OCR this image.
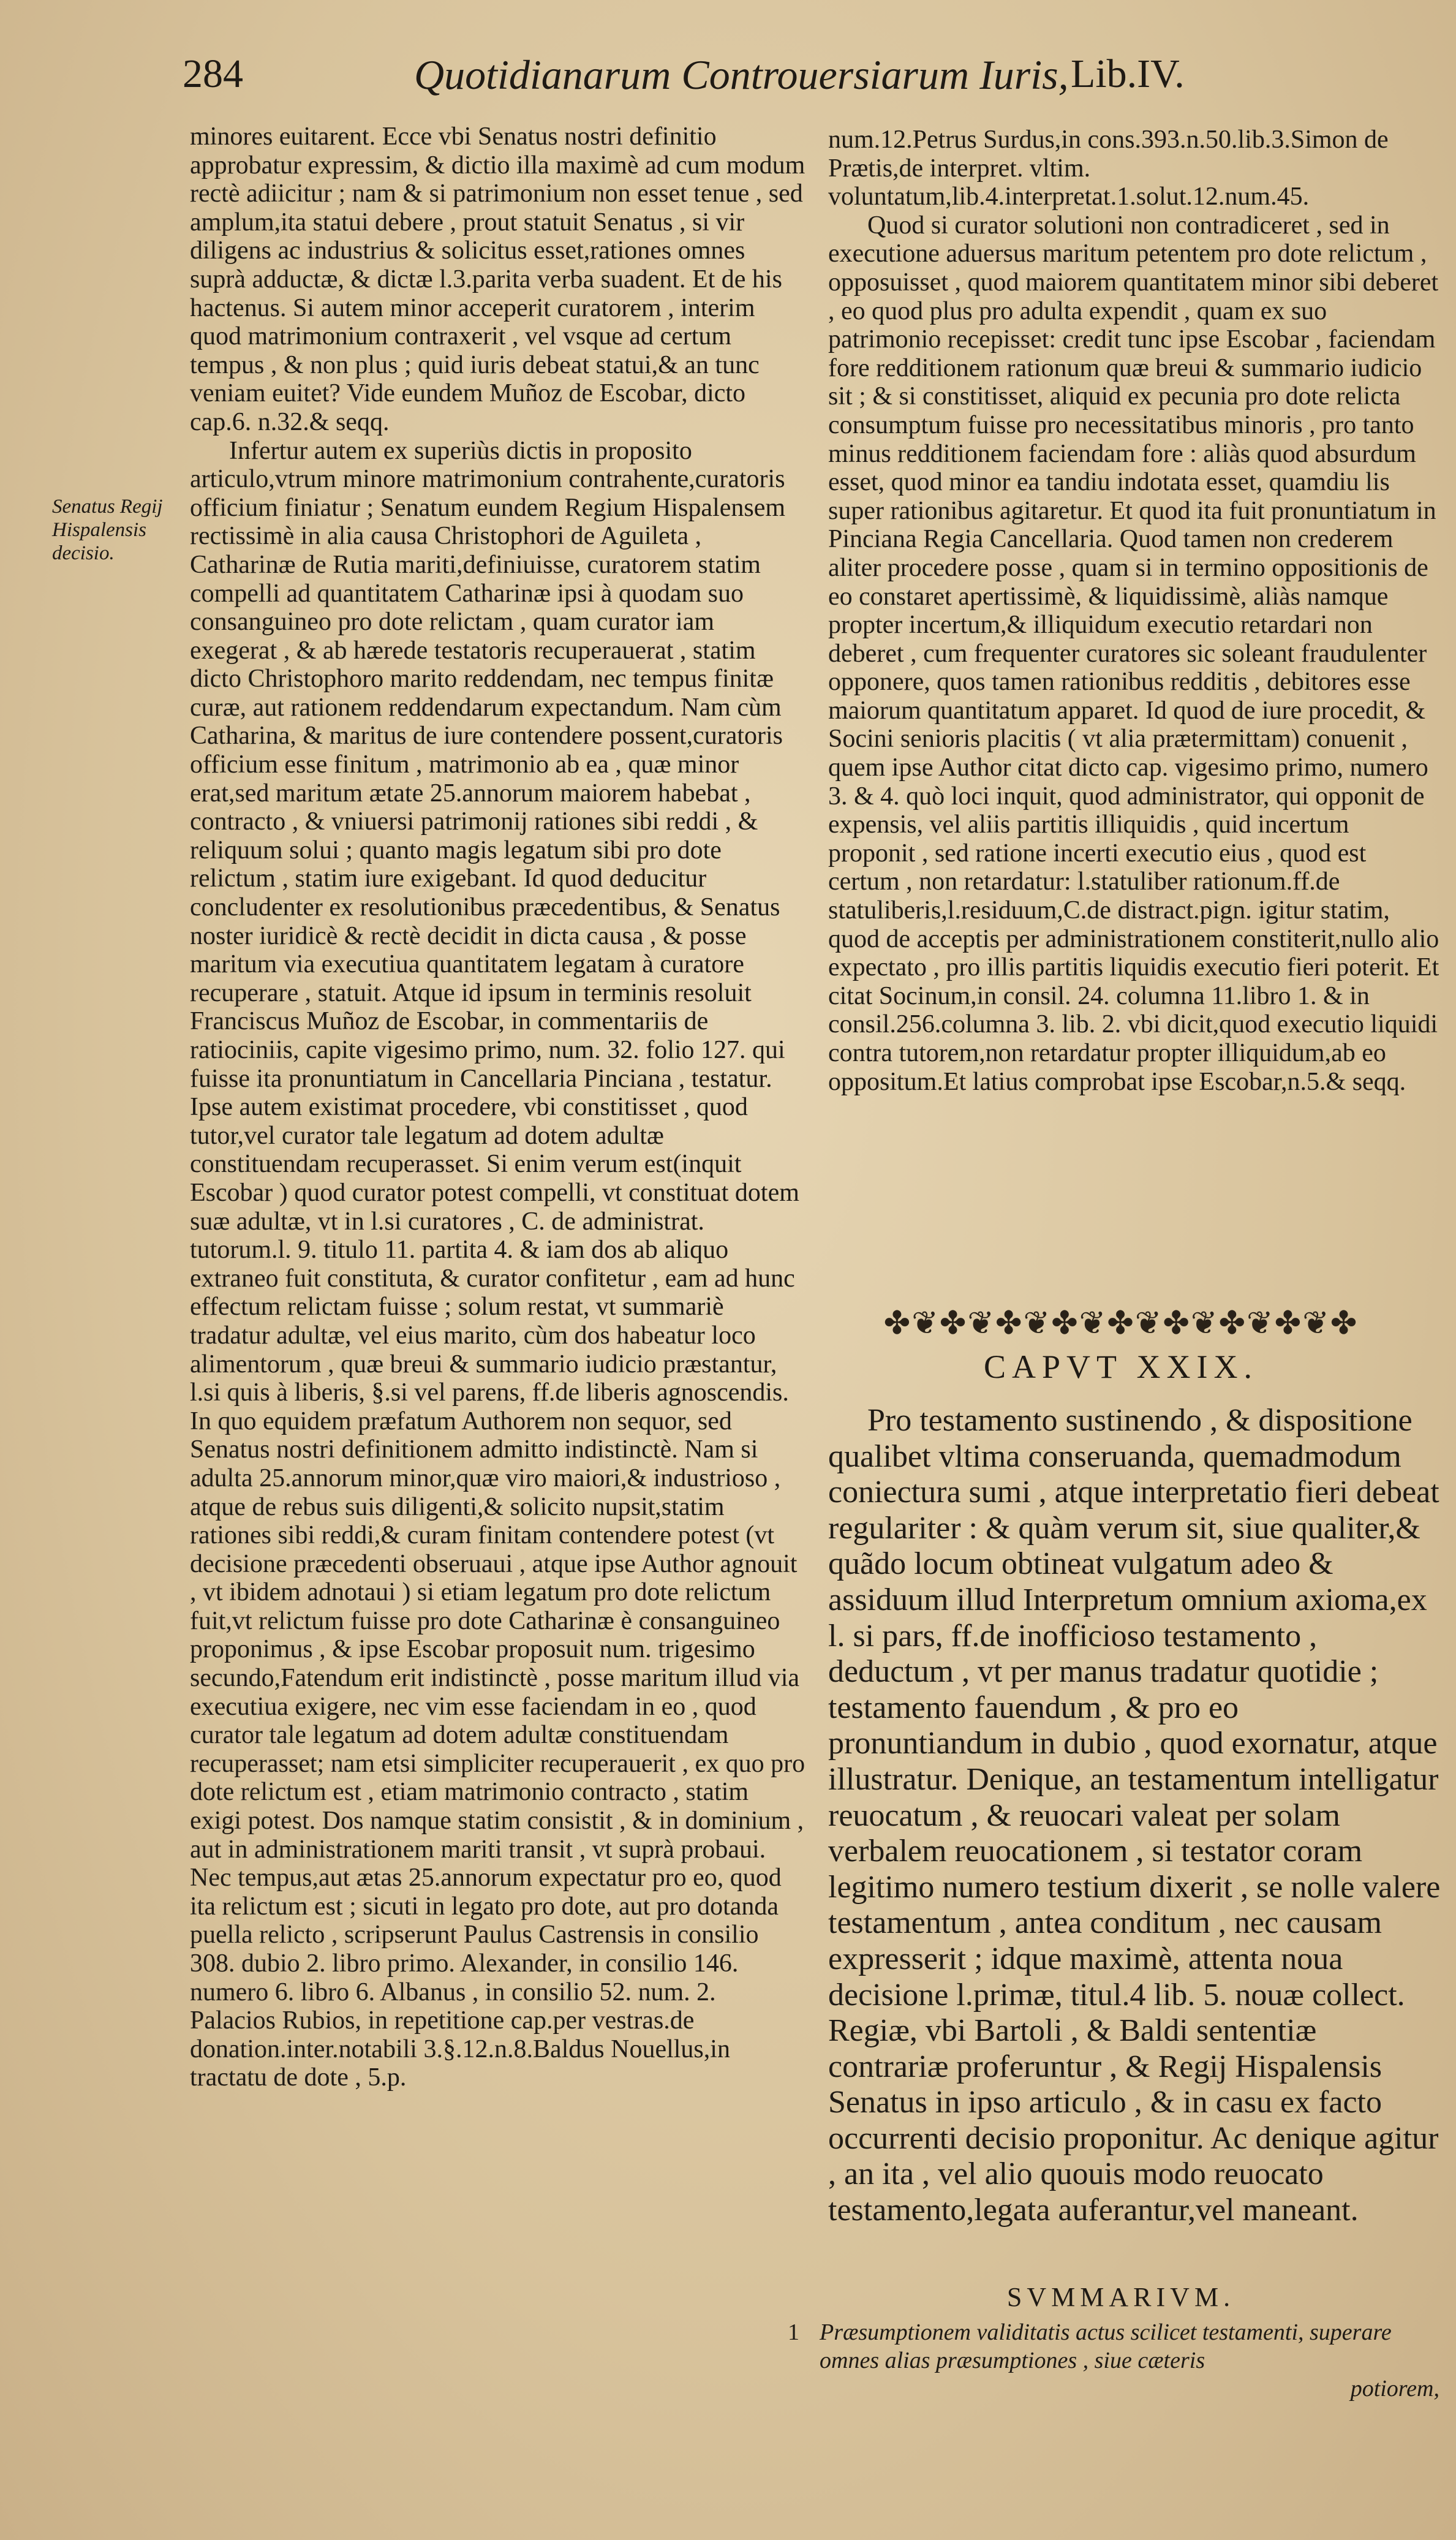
284	Quotidianarum Controuersiarum Iuris, Lib.IV.
Senatus Regij Hispalensis decisio.

minores euitarent. Ecce vbi Senatus nostri definitio approbatur expressim, & dictio illa maximè ad cum modum rectè adiicitur ; nam & si patrimonium non esset tenue , sed amplum,ita statui debere , prout statuit Senatus , si vir diligens ac industrius & solicitus esset,rationes omnes suprà adductæ, & dictæ l.3.parita verba suadent. Et de his hactenus. Si autem minor acceperit curatorem , interim quod matrimonium contraxerit , vel vsque ad certum tempus , & non plus ; quid iuris debeat statui,& an tunc veniam euitet? Vide eundem Muñoz de Escobar, dicto cap.6. n.32.& seqq.

Infertur autem ex superiùs dictis in proposito articulo,vtrum minore matrimonium contrahente,curatoris officium finiatur ; Senatum eundem Regium Hispalensem rectissimè in alia causa Christophori de Aguileta , Catharinæ de Rutia mariti,definiuisse, curatorem statim compelli ad quantitatem Catharinæ ipsi à quodam suo consanguineo pro dote relictam , quam curator iam exegerat , & ab hærede testatoris recuperauerat , statim dicto Christophoro marito reddendam, nec tempus finitæ curæ, aut rationem reddendarum expectandum. Nam cùm Catharina, & maritus de iure contendere possent,curatoris officium esse finitum , matrimonio ab ea , quæ minor erat,sed maritum ætate 25.annorum maiorem habebat , contracto , & vniuersi patrimonij rationes sibi reddi , & reliquum solui ; quanto magis legatum sibi pro dote relictum , statim iure exigebant. Id quod deducitur concludenter ex resolutionibus præcedentibus, & Senatus noster iuridicè & rectè decidit in dicta causa , & posse maritum via executiua quantitatem legatam à curatore recuperare , statuit. Atque id ipsum in terminis resoluit Franciscus Muñoz de Escobar, in commentariis de ratiociniis, capite vigesimo primo, num. 32. folio 127. qui fuisse ita pronuntiatum in Cancellaria Pinciana , testatur. Ipse autem existimat procedere, vbi constitisset , quod tutor,vel curator tale legatum ad dotem adultæ constituendam recuperasset. Si enim verum est(inquit Escobar ) quod curator potest compelli, vt constituat dotem suæ adultæ, vt in l.si curatores , C. de administrat. tutorum.l. 9. titulo 11. partita 4. & iam dos ab aliquo extraneo fuit constituta, & curator confitetur , eam ad hunc effectum relictam fuisse ; solum restat, vt summariè tradatur adultæ, vel eius marito, cùm dos habeatur loco alimentorum , quæ breui & summario iudicio præstantur, l.si quis à liberis, §.si vel parens, ff.de liberis agnoscendis. In quo equidem præfatum Authorem non sequor, sed Senatus nostri definitionem admitto indistinctè. Nam si adulta 25.annorum minor,quæ viro maiori,& industrioso , atque de rebus suis diligenti,& solicito nupsit,statim rationes sibi reddi,& curam finitam contendere potest (vt decisione præcedenti obseruaui , atque ipse Author agnouit , vt ibidem adnotaui ) si etiam legatum pro dote relictum fuit,vt relictum fuisse pro dote Catharinæ è consanguineo proponimus , & ipse Escobar proposuit num. trigesimo secundo,Fatendum erit indistinctè , posse maritum illud via executiua exigere, nec vim esse faciendam in eo , quod curator tale legatum ad dotem adultæ constituendam recuperasset; nam etsi simpliciter recuperauerit , ex quo pro dote relictum est , etiam matrimonio contracto , statim exigi potest. Dos namque statim consistit , & in dominium , aut in administrationem mariti transit , vt suprà probaui. Nec tempus,aut ætas 25.annorum expectatur pro eo, quod ita relictum est ; sicuti in legato pro dote, aut pro dotanda puella relicto , scripserunt Paulus Castrensis in consilio 308. dubio 2. libro primo. Alexander, in consilio 146. numero 6. libro 6. Albanus , in consilio 52. num. 2. Palacios Rubios, in repetitione cap.per vestras.de donation.inter.notabili 3.§.12.n.8.Baldus Nouellus,in tractatu de dote , 5.p.

num.12.Petrus Surdus,in cons.393.n.50.lib.3.Simon de Prætis,de interpret. vltim. voluntatum,lib.4.interpretat.1.solut.12.num.45.

Quod si curator solutioni non contradiceret , sed in executione aduersus maritum petentem pro dote relictum , opposuisset , quod maiorem quantitatem minor sibi deberet , eo quod plus pro adulta expendit , quam ex suo patrimonio recepisset: credit tunc ipse Escobar , faciendam fore redditionem rationum quæ breui & summario iudicio sit ; & si constitisset, aliquid ex pecunia pro dote relicta consumptum fuisse pro necessitatibus minoris , pro tanto minus redditionem faciendam fore : aliàs quod absurdum esset, quod minor ea tandiu indotata esset, quamdiu lis super rationibus agitaretur. Et quod ita fuit pronuntiatum in Pinciana Regia Cancellaria. Quod tamen non crederem aliter procedere posse , quam si in termino oppositionis de eo constaret apertissimè, & liquidissimè, aliàs namque propter incertum,& illiquidum executio retardari non deberet , cum frequenter curatores sic soleant fraudulenter opponere, quos tamen rationibus redditis , debitores esse maiorum quantitatum apparet. Id quod de iure procedit, & Socini senioris placitis ( vt alia prætermittam) conuenit , quem ipse Author citat dicto cap. vigesimo primo, numero 3. & 4. quò loci inquit, quod administrator, qui opponit de expensis, vel aliis partitis illiquidis , quid incertum proponit , sed ratione incerti executio eius , quod est certum , non retardatur: l.statuliber rationum.ff.de statuliberis,l.residuum,C.de distract.pign. igitur statim, quod de acceptis per administrationem constiterit,nullo alio expectato , pro illis partitis liquidis executio fieri poterit. Et citat Socinum,in consil. 24. columna 11.libro 1. & in consil.256.columna 3. lib. 2. vbi dicit,quod executio liquidi contra tutorem,non retardatur propter illiquidum,ab eo oppositum.Et latius comprobat ipse Escobar,n.5.& seqq.

✤❦✤❦✤❦✤❦✤❦✤❦✤❦✤❦✤
CAPVT XXIX.

Pro testamento sustinendo , & dispositione qualibet vltima conseruanda, quemadmodum coniectura sumi , atque interpretatio fieri debeat regulariter : & quàm verum sit, siue qualiter,& quãdo locum obtineat vulgatum adeo & assiduum illud Interpretum omnium axioma,ex l. si pars, ff.de inofficioso testamento , deductum , vt per manus tradatur quotidie ; testamento fauendum , & pro eo pronuntiandum in dubio , quod exornatur, atque illustratur. Denique, an testamentum intelligatur reuocatum , & reuocari valeat per solam verbalem reuocationem , si testator coram legitimo numero testium dixerit , se nolle valere testamentum , antea conditum , nec causam expresserit ; idque maximè, attenta noua decisione l.primæ, titul.4 lib. 5. nouæ collect. Regiæ, vbi Bartoli , & Baldi sententiæ contrariæ proferuntur , & Regij Hispalensis Senatus in ipso articulo , & in casu ex facto occurrenti decisio proponitur. Ac denique agitur , an ita , vel alio quouis modo reuocato testamento,legata auferantur,vel maneant.

SVMMARIVM.
1 Præsumptionem validitatis actus scilicet testamenti, superare omnes alias præsumptiones , siue cæteris
potiorem,
